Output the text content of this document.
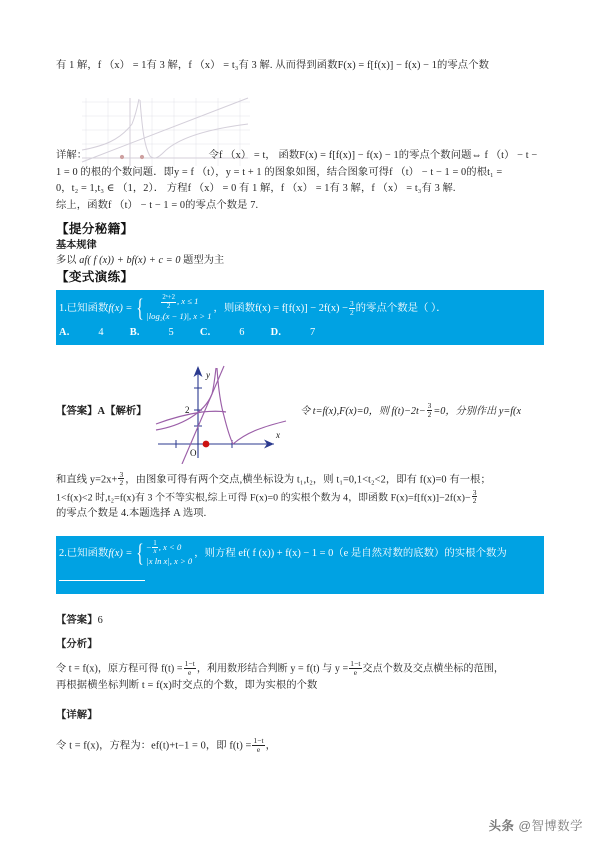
有 1 解，f （x） = 1有 3 解，f （x） = t₃有 3 解. 从而得到函数F(x) = f[f(x)] − f(x) − 1的零点个数
详解：	令f （x） = t， 函数F(x) = f[f(x)] − f(x) − 1的零点个数问题⇔ f （t） − t −
1 = 0 的根的个数问题．即y = f （t），y = t + 1 的图象如图，结合图象可得f （t） − t − 1 = 0的根t₁ =
0，t₂ = 1,t₃ ∈ （1，2）． 方程f （x） = 0 有 1 解，f （x） = 1有 3 解，f （x） = t₃有 3 解.
综上，函数f （t） − t − 1 = 0的零点个数是 7.
【提分秘籍】
基本规律
多以 af( f (x)) + bf(x) + c = 0 题型为主
【变式演练】
1. 已知函数 f(x) = {	$\frac{\text{2ˣ+2}}{2}$ , x ≤ 1
|log₂(x − 1)|, x > 1
，则函数$f(x) = f[f(x)] - 2f(x) - \frac{3}{2}$ 的零点个数是（ ）．
A.	4	B.	5	C.	6	D.	7
【答案】A【解析】	2
y
x
O
令 t=f(x),F(x)=0，则 $f(t)-2t- \frac{3}{2} =0$，分别作出 y=f(x
和直线 $y=2x+ \frac{3}{2}$ ，由图象可得有两个交点,横坐标设为 t₁,t₂，则 t₁=0,1<t₂<2，即有 f(x)=0 有一根；
1<f(x)<2 时,t₂=f(x)有 3 个不等实根,综上可得 F(x)=0 的实根个数为 4，即函数 $F(x)=f[f(x)]-2f(x)- \frac{3}{2}$
的零点个数是 4.本题选择 A 选项.
2. 已知函数 f(x) = { − $\frac{1}{x}$ , x < 0
|x ln x|, x > 0
，则方程 ef( f (x)) + f(x) − 1 = 0（e 是自然对数的底数）的实根个数为
【答案】6
【分析】
令 t = f(x)，原方程可得 $f(t) = \frac{1-t}{e}$ ，利用数形结合判断 y = f(t) 与 $y = \frac{1-t}{e}$ 交点个数及交点横坐标的范围，
再根据横坐标判断 t = f(x)时交点的个数，即为实根的个数
【详解】
令 t = f(x)，方程为：ef(t)+t−1 = 0，即 $f(t) = \frac{1-t}{e}$ ，
头条 @智博数学
